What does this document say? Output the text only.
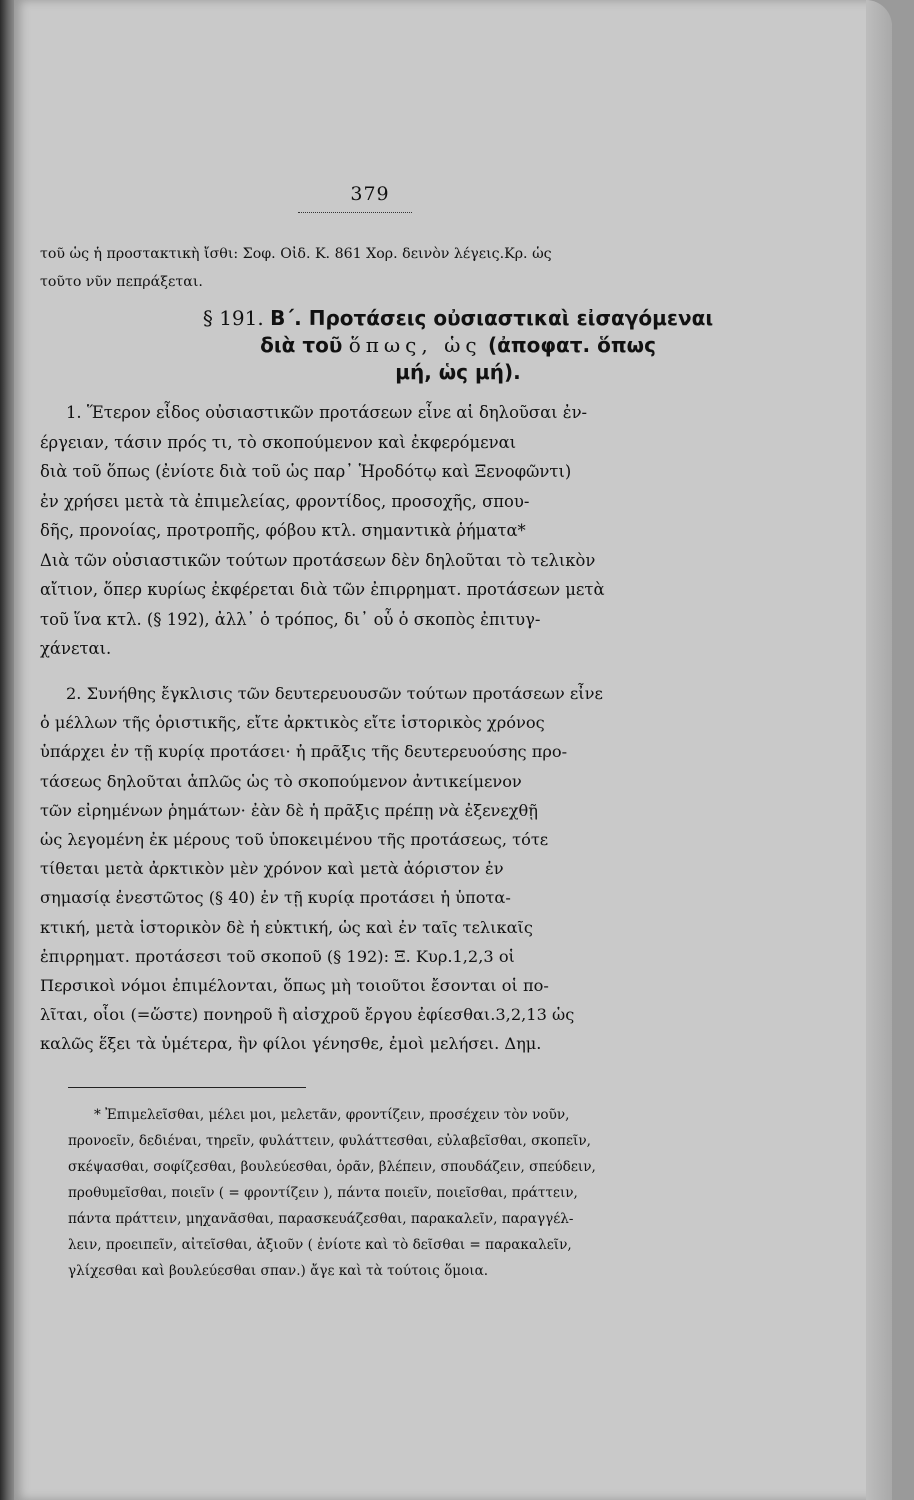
379
τοῦ ὡς ἡ προστακτικὴ ἴσθι: Σοφ. Οἰδ. Κ. 861 Χορ. δεινὸν λέγεις.Κρ. ὡς
τοῦτο νῦν πεπράξεται.
§ 191. Β΄. Προτάσεις οὐσιαστικαὶ εἰσαγόμεναι
διὰ τοῦ ὅπως, ὡς (ἀποφατ. ὅπως
μή, ὡς μή).
1. Ἕτερον εἶδος οὐσιαστικῶν προτάσεων εἶνε αἱ δηλοῦσαι ἐν-
έργειαν, τάσιν πρός τι, τὸ σκοπούμενον καὶ ἐκφερόμεναι
διὰ τοῦ ὅπως (ἐνίοτε διὰ τοῦ ὡς παρ᾽ Ἡροδότῳ καὶ Ξενοφῶντι)
ἐν χρήσει μετὰ τὰ ἐπιμελείας, φροντίδος, προσοχῆς, σπου-
δῆς, προνοίας, προτροπῆς, φόβου κτλ. σημαντικὰ ῥήματα*
Διὰ τῶν οὐσιαστικῶν τούτων προτάσεων δὲν δηλοῦται τὸ τελικὸν
αἴτιον, ὅπερ κυρίως ἐκφέρεται διὰ τῶν ἐπιρρηματ. προτάσεων μετὰ
τοῦ ἵνα κτλ. (§ 192), ἀλλ᾽ ὁ τρόπος, δι᾽ οὗ ὁ σκοπὸς ἐπιτυγ-
χάνεται.
2. Συνήθης ἔγκλισις τῶν δευτερευουσῶν τούτων προτάσεων εἶνε
ὁ μέλλων τῆς ὁριστικῆς, εἴτε ἀρκτικὸς εἴτε ἱστορικὸς χρόνος
ὑπάρχει ἐν τῇ κυρίᾳ προτάσει· ἡ πρᾶξις τῆς δευτερευούσης προ-
τάσεως δηλοῦται ἁπλῶς ὡς τὸ σκοπούμενον ἀντικείμενον
τῶν εἰρημένων ῥημάτων· ἐὰν δὲ ἡ πρᾶξις πρέπῃ νὰ ἐξενεχθῇ
ὡς λεγομένη ἐκ μέρους τοῦ ὑποκειμένου τῆς προτάσεως, τότε
τίθεται μετὰ ἀρκτικὸν μὲν χρόνον καὶ μετὰ ἀόριστον ἐν
σημασίᾳ ἐνεστῶτος (§ 40) ἐν τῇ κυρίᾳ προτάσει ἡ ὑποτα-
κτική, μετὰ ἱστορικὸν δὲ ἡ εὐκτική, ὡς καὶ ἐν ταῖς τελικαῖς
ἐπιρρηματ. προτάσεσι τοῦ σκοποῦ (§ 192): Ξ. Κυρ.1,2,3 οἱ
Περσικοὶ νόμοι ἐπιμέλονται, ὅπως μὴ τοιοῦτοι ἔσονται οἱ πο-
λῖται, οἷοι (=ὥστε) πονηροῦ ἢ αἰσχροῦ ἔργου ἐφίεσθαι.3,2,13 ὡς
καλῶς ἕξει τὰ ὑμέτερα, ἣν φίλοι γένησθε, ἐμοὶ μελήσει. Δημ.
* Ἐπιμελεῖσθαι, μέλει μοι, μελετᾶν, φροντίζειν, προσέχειν τὸν νοῦν,
προνοεῖν, δεδιέναι, τηρεῖν, φυλάττειν, φυλάττεσθαι, εὐλαβεῖσθαι, σκοπεῖν,
σκέψασθαι, σοφίζεσθαι, βουλεύεσθαι, ὁρᾶν, βλέπειν, σπουδάζειν, σπεύδειν,
προθυμεῖσθαι, ποιεῖν ( = φροντίζειν ), πάντα ποιεῖν, ποιεῖσθαι, πράττειν,
πάντα πράττειν, μηχανᾶσθαι, παρασκευάζεσθαι, παρακαλεῖν, παραγγέλ-
λειν, προειπεῖν, αἰτεῖσθαι, ἀξιοῦν ( ἐνίοτε καὶ τὸ δεῖσθαι = παρακαλεῖν,
γλίχεσθαι καὶ βουλεύεσθαι σπαν.) ἄγε καὶ τὰ τούτοις ὅμοια.
